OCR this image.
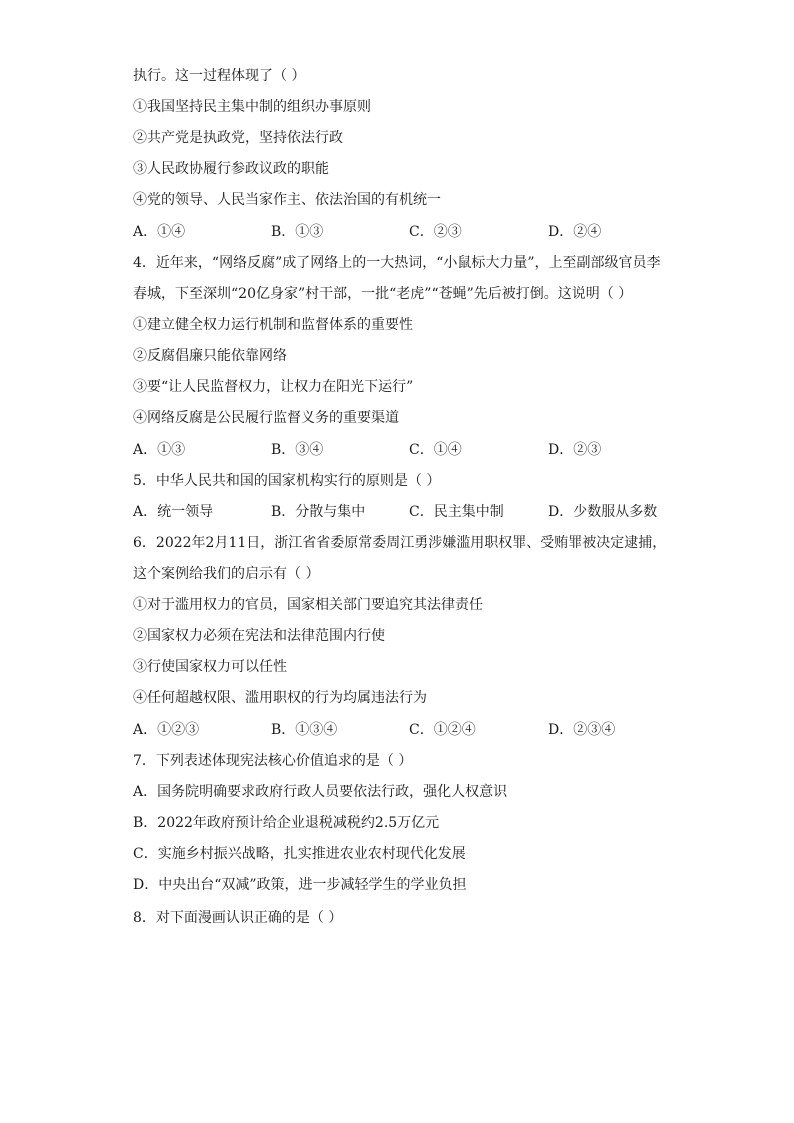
执行。这一过程体现了（ ）
①我国坚持民主集中制的组织办事原则
②共产党是执政党，坚持依法行政
③人民政协履行参政议政的职能
④党的领导、人民当家作主、依法治国的有机统一
A．①④	B．①③	C．②③	D．②④
4．近年来，“网络反腐”成了网络上的一大热词，“小鼠标大力量”，上至副部级官员李
春城，下至深圳“20亿身家”村干部，一批“老虎”“苍蝇”先后被打倒。这说明（ ）
①建立健全权力运行机制和监督体系的重要性
②反腐倡廉只能依靠网络
③要“让人民监督权力，让权力在阳光下运行”
④网络反腐是公民履行监督义务的重要渠道
A．①③	B．③④	C．①④	D．②③
5．中华人民共和国的国家机构实行的原则是（ ）
A．统一领导	B．分散与集中	C．民主集中制	D．少数服从多数
6．2022年2月11日，浙江省省委原常委周江勇涉嫌滥用职权罪、受贿罪被决定逮捕，
这个案例给我们的启示有（ ）
①对于滥用权力的官员，国家相关部门要追究其法律责任
②国家权力必须在宪法和法律范围内行使
③行使国家权力可以任性
④任何超越权限、滥用职权的行为均属违法行为
A．①②③	B．①③④	C．①②④	D．②③④
7．下列表述体现宪法核心价值追求的是（ ）
A．国务院明确要求政府行政人员要依法行政，强化人权意识
B．2022年政府预计给企业退税减税约2.5万亿元
C．实施乡村振兴战略，扎实推进农业农村现代化发展
D．中央出台“双减”政策，进一步减轻学生的学业负担
8．对下面漫画认识正确的是（ ）
